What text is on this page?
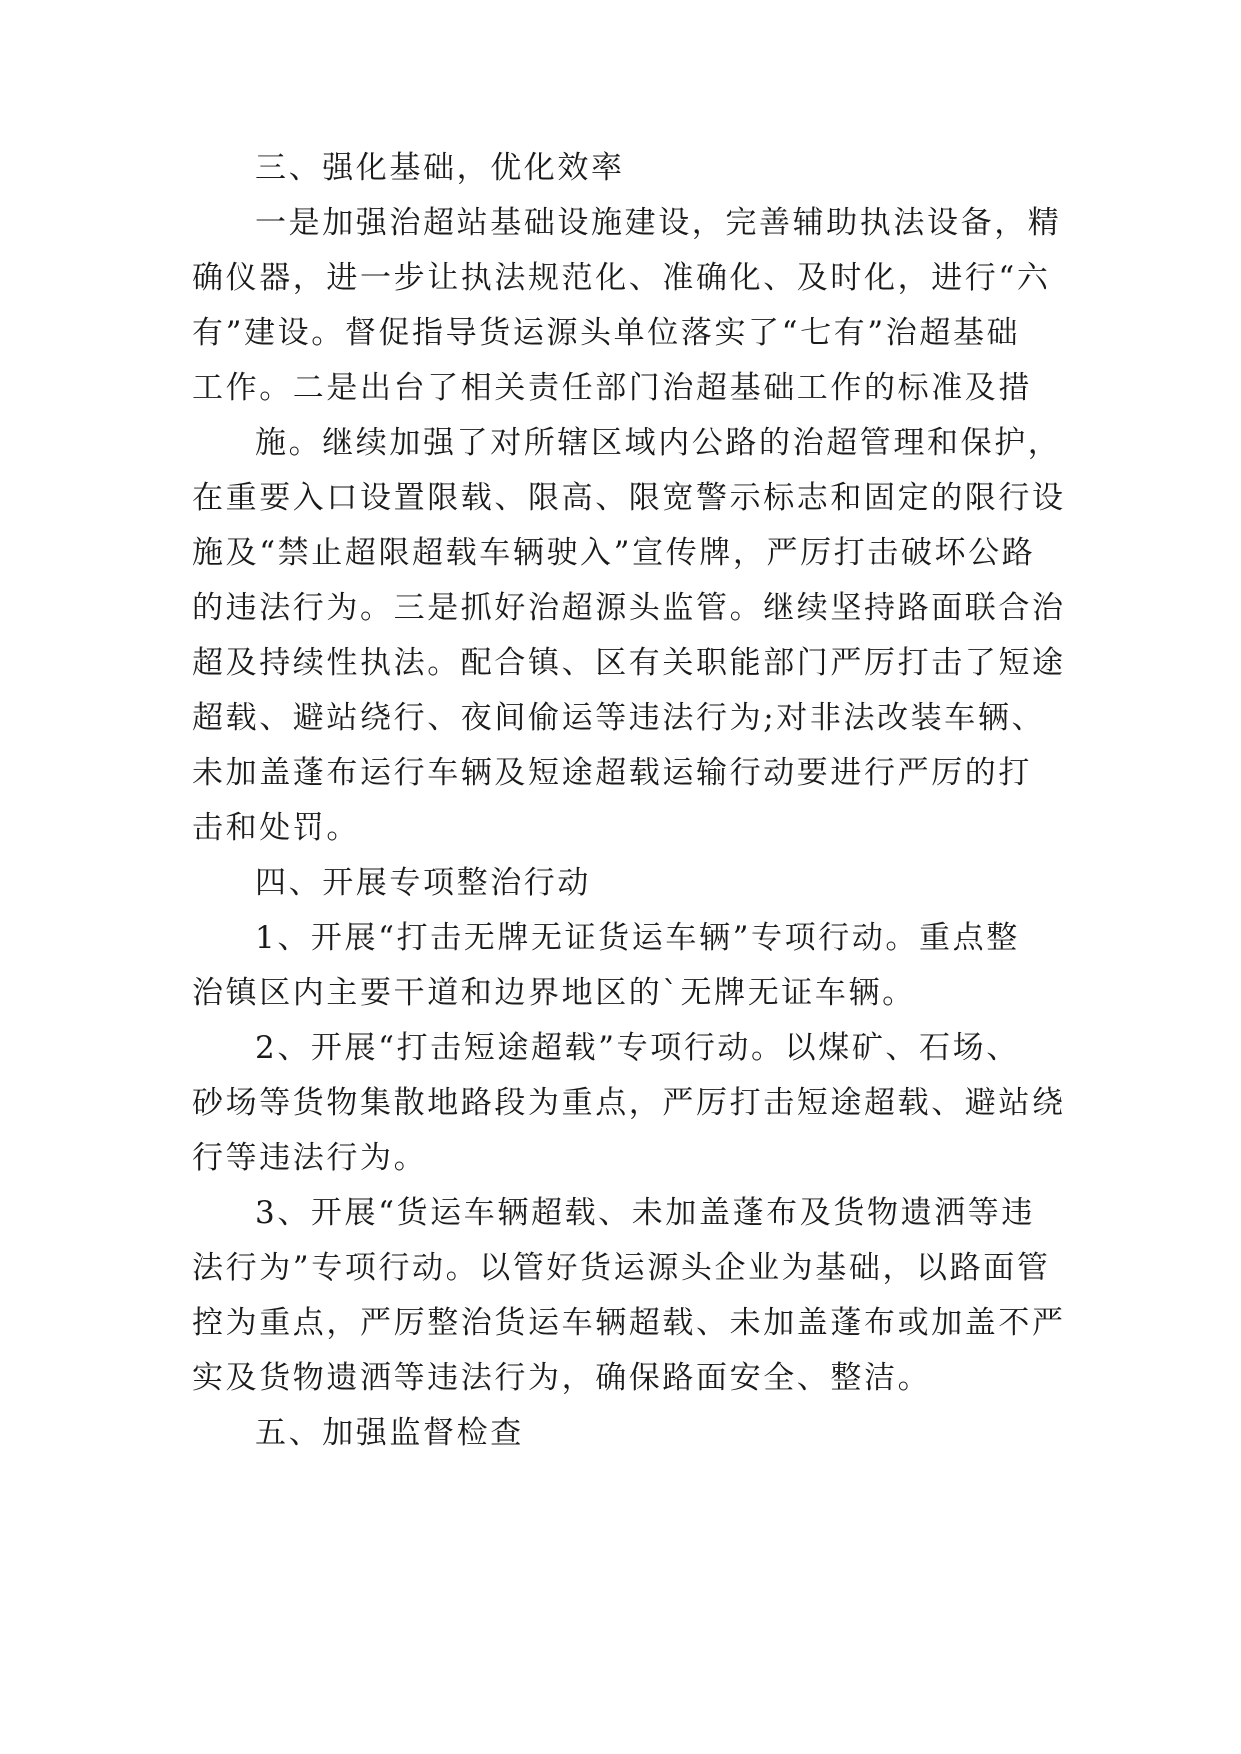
三、强化基础，优化效率
一是加强治超站基础设施建设，完善辅助执法设备，精
确仪器，进一步让执法规范化、准确化、及时化，进行“六
有”建设。督促指导货运源头单位落实了“七有”治超基础
工作。二是出台了相关责任部门治超基础工作的标准及措
施。继续加强了对所辖区域内公路的治超管理和保护，
在重要入口设置限载、限高、限宽警示标志和固定的限行设
施及“禁止超限超载车辆驶入”宣传牌，严厉打击破坏公路
的违法行为。三是抓好治超源头监管。继续坚持路面联合治
超及持续性执法。配合镇、区有关职能部门严厉打击了短途
超载、避站绕行、夜间偷运等违法行为;对非法改装车辆、
未加盖蓬布运行车辆及短途超载运输行动要进行严厉的打
击和处罚。
四、开展专项整治行动
1、开展“打击无牌无证货运车辆”专项行动。重点整
治镇区内主要干道和边界地区的`无牌无证车辆。
2、开展“打击短途超载”专项行动。以煤矿、石场、
砂场等货物集散地路段为重点，严厉打击短途超载、避站绕
行等违法行为。
3、开展“货运车辆超载、未加盖蓬布及货物遗洒等违
法行为”专项行动。以管好货运源头企业为基础，以路面管
控为重点，严厉整治货运车辆超载、未加盖蓬布或加盖不严
实及货物遗洒等违法行为，确保路面安全、整洁。
五、加强监督检查
